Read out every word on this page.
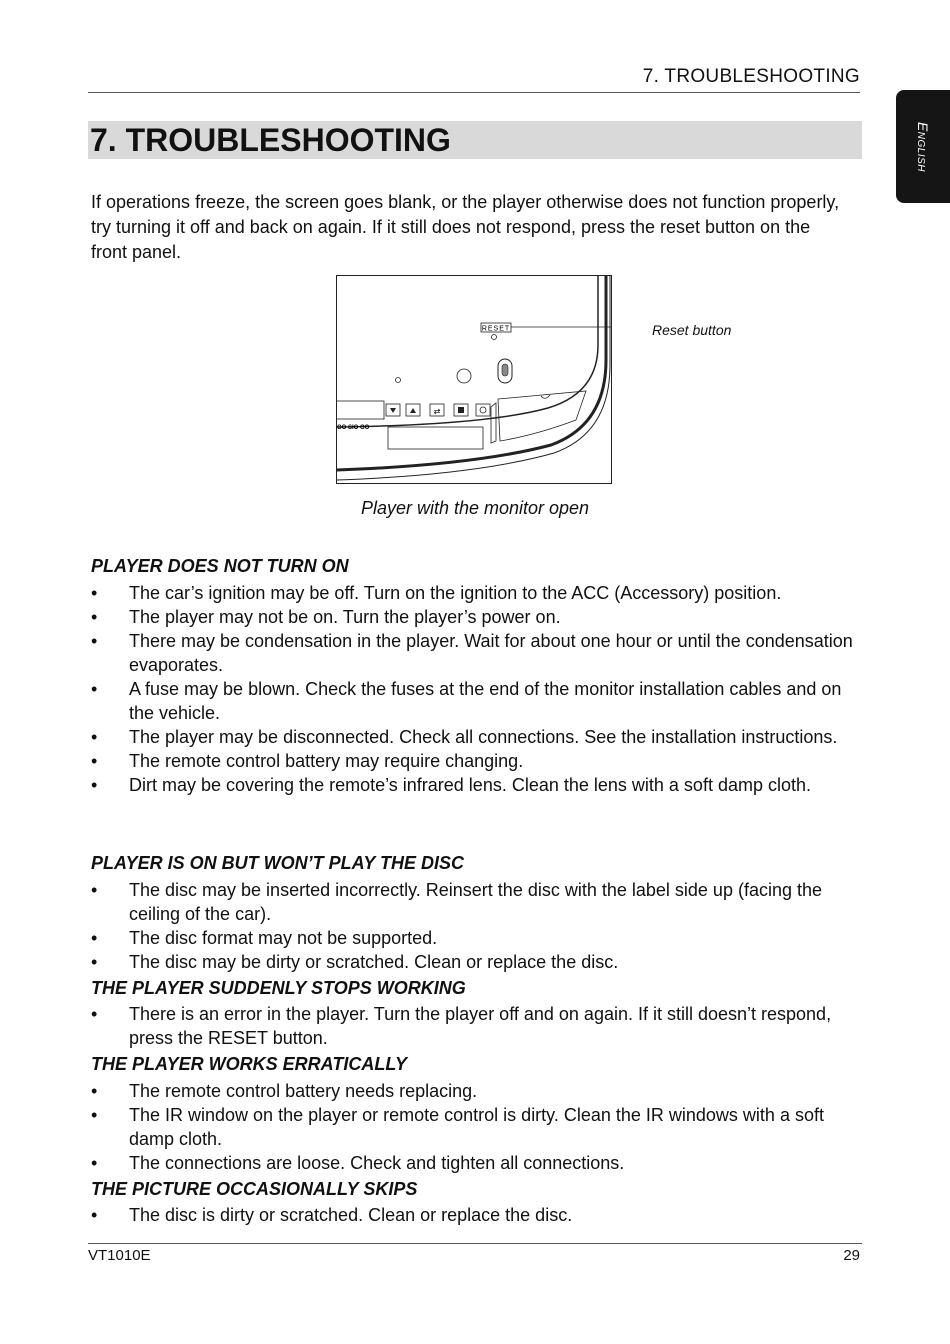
7. TROUBLESHOOTING
English
7. TROUBLESHOOTING

If operations freeze, the screen goes blank, or the player otherwise does not function properly, try turning it off and back on again. If it still does not respond, press the reset button on the front panel.

RESET
OO SIO OO
⇄
Reset button
Player with the monitor open
PLAYER DOES NOT TURN ON
• The car’s ignition may be off. Turn on the ignition to the ACC (Accessory) position.
• The player may not be on. Turn the player’s power on.
• There may be condensation in the player. Wait for about one hour or until the condensation evaporates.
• A fuse may be blown. Check the fuses at the end of the monitor installation cables and on the vehicle.
• The player may be disconnected. Check all connections. See the installation instructions.
• The remote control battery may require changing.
• Dirt may be covering the remote’s infrared lens. Clean the lens with a soft damp cloth.
PLAYER IS ON BUT WON’T PLAY THE DISC
• The disc may be inserted incorrectly. Reinsert the disc with the label side up (facing the ceiling of the car).
• The disc format may not be supported.
• The disc may be dirty or scratched. Clean or replace the disc.
THE PLAYER SUDDENLY STOPS WORKING
• There is an error in the player. Turn the player off and on again. If it still doesn’t respond, press the RESET button.
THE PLAYER WORKS ERRATICALLY
• The remote control battery needs replacing.
• The IR window on the player or remote control is dirty. Clean the IR windows with a soft damp cloth.
• The connections are loose. Check and tighten all connections.
THE PICTURE OCCASIONALLY SKIPS
• The disc is dirty or scratched. Clean or replace the disc.
VT1010E	29
